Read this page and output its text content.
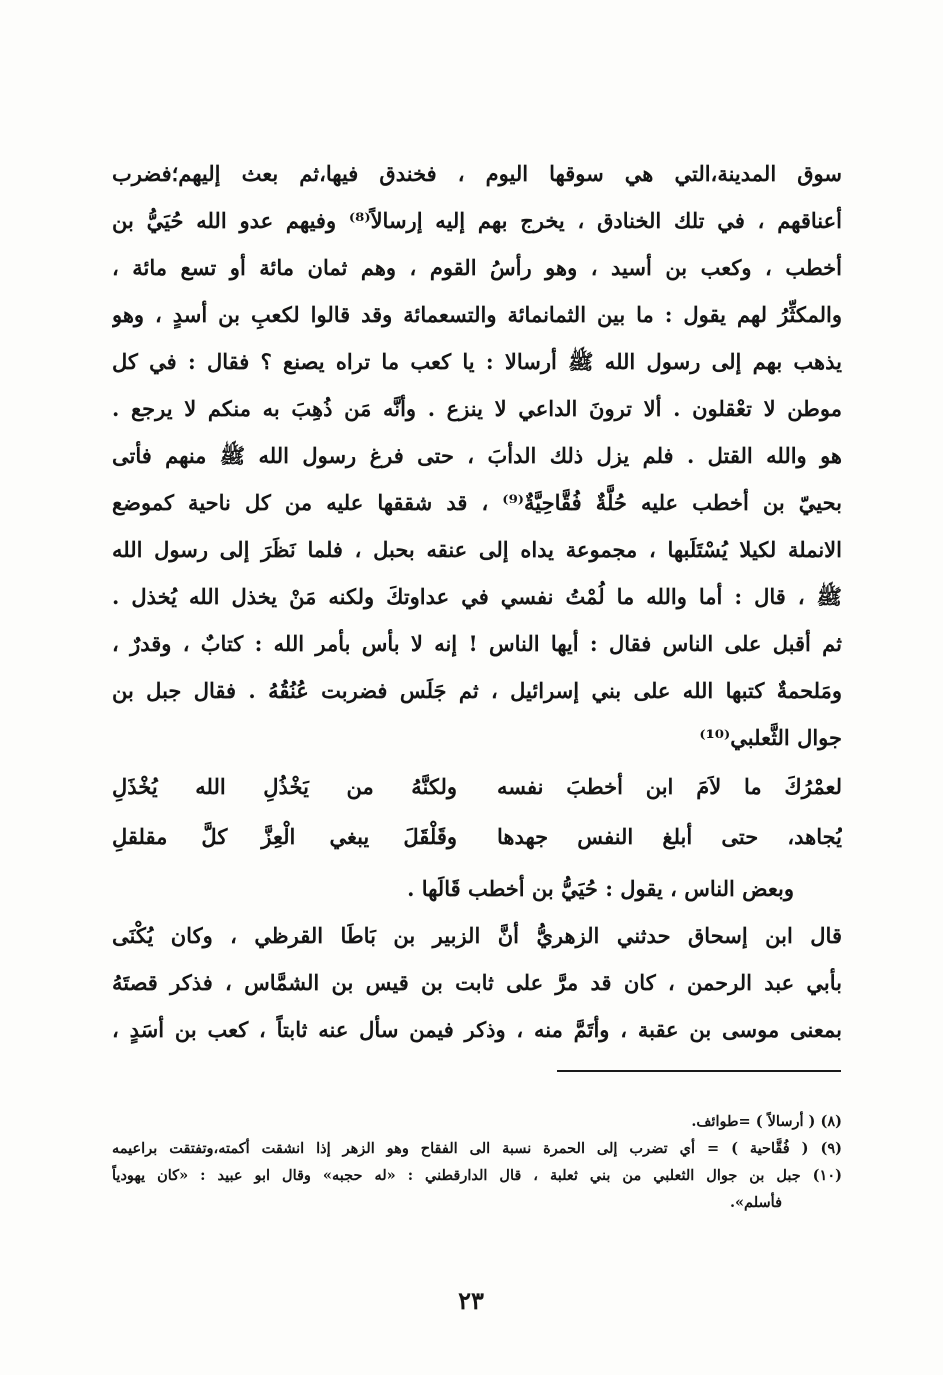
سوق المدينة،التي هي سوقها اليوم ، فخندق فيها،ثم بعث إليهم؛فضرب
أعناقهم ، في تلك الخنادق ، يخرج بهم إليه إرسالاً⁽⁸⁾ وفيهم عدو الله حُيَيُّ بن
أخطب ، وكعب بن أسيد ، وهو رأسُ القوم ، وهم ثمان مائة أو تسع مائة ،
والمكثِّرُ لهم يقول : ما بين الثمانمائة والتسعمائة وقد قالوا لكعبِ بن أسدٍ ، وهو
يذهب بهم إلى رسول الله ﷺ أرسالا : يا كعب ما تراه يصنع ؟ فقال : في كل
موطن لا تعْقلون . ألا ترونَ الداعي لا ينزع . وأنَّه مَن ذُهِبَ به منكم لا يرجع .
هو والله القتل . فلم يزل ذلك الدأبَ ، حتى فرغ رسول الله ﷺ منهم فأتى
بحييّ بن أخطب عليه حُلَّةٌ فُقَّاحِيَّةٌ⁽⁹⁾ ، قد شققها عليه من كل ناحية كموضع
الانملة لكيلا يُسْتَلَبها ، مجموعة يداه إلى عنقه بحبل ، فلما نَظَرَ إلى رسول الله
ﷺ ، قال : أما والله ما لُمْتُ نفسي في عداوتكَ ولكنه مَنْ يخذل الله يُخذل .
ثم أقبل على الناس فقال : أيها الناس ! إنه لا بأس بأمر الله : كتابٌ ، وقدرٌ ،
ومَلحمةٌ كتبها الله على بني إسرائيل ، ثم جَلَس فضربت عُنُقُهُ . فقال جبل بن
جوال الثَّعلبي⁽¹⁰⁾
لعمْرُكَ ما لاَمَ ابن أخطبَ نفسه
ولكنَّهُ من يَخْذُلِ الله يُخْذَلِ
يُجاهد، حتى أبلغ النفس جهدها
وقَلْقَلَ يبغي الْعِزَّ كلَّ مقلقلِ
وبعض الناس ، يقول : حُيَيُّ بن أخطب قَالَها .
قال ابن إسحاق حدثني الزهريُّ أنَّ الزبير بن بَاطَا القرظي ، وكان يُكْنَى
بأبي عبد الرحمن ، كان قد مرَّ على ثابت بن قيس بن الشمَّاس ، فذكر قصتَهُ
بمعنى موسى بن عقبة ، وأتَمَّ منه ، وذكر فيمن سأل عنه ثابتاً ، كعب بن أسَدٍ ،
(٨) ( أرسالاً ) =طوائف.
(٩) ( فُقَّاحية ) = أي تضرب إلى الحمرة نسبة الى الفقاح وهو الزهر إذا انشقت أكمته،وتفتقت براعيمه
(١٠) جبل بن جوال الثعلبي من بني ثعلبة ، قال الدارقطني : «له حجبه» وقال ابو عبيد : «كان يهودياً
فأسلم».
٢٣
